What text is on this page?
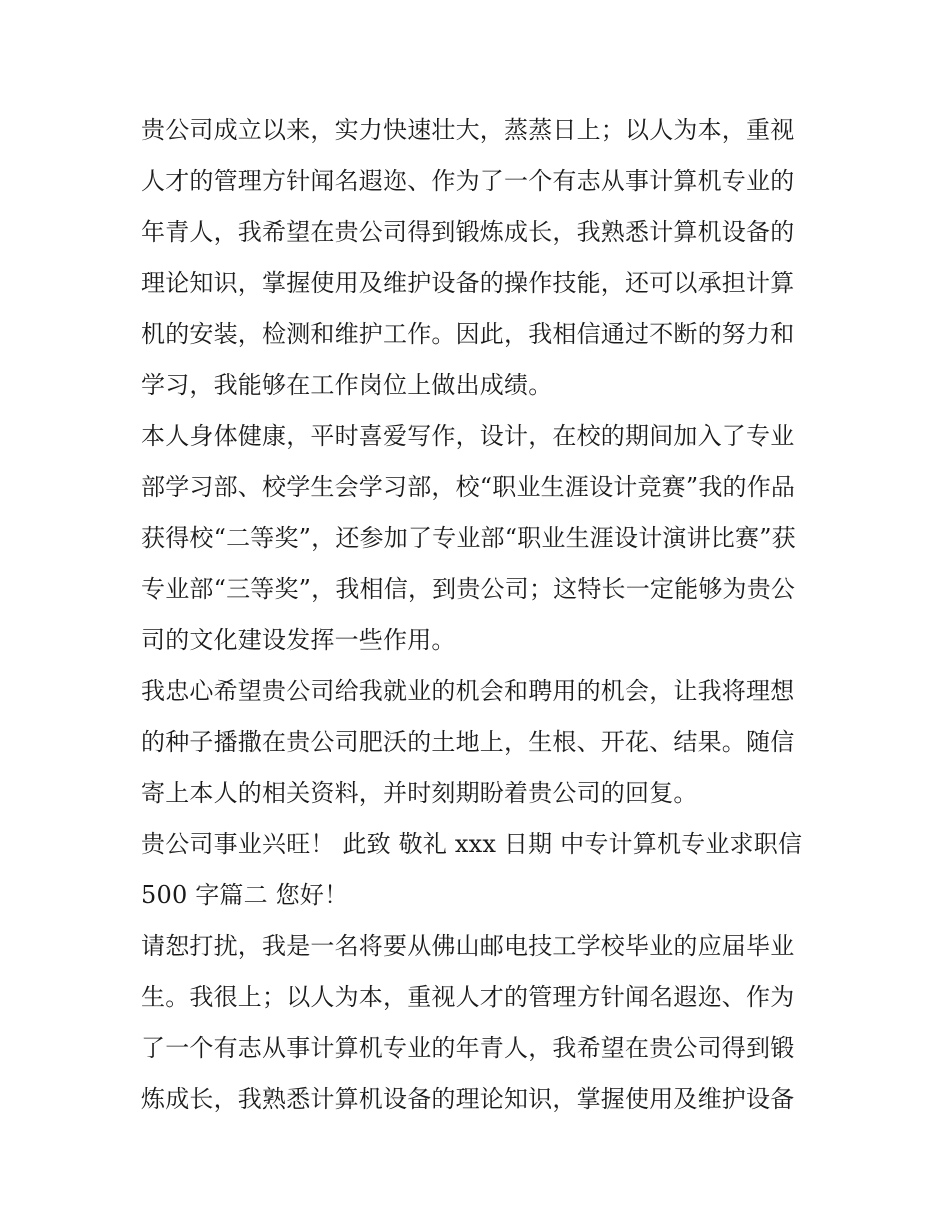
贵公司成立以来，实力快速壮大，蒸蒸日上；以人为本，重视
人才的管理方针闻名遐迩、作为了一个有志从事计算机专业的
年青人，我希望在贵公司得到锻炼成长，我熟悉计算机设备的
理论知识，掌握使用及维护设备的操作技能，还可以承担计算
机的安装，检测和维护工作。因此，我相信通过不断的努力和
学习，我能够在工作岗位上做出成绩。
本人身体健康，平时喜爱写作，设计，在校的期间加入了专业
部学习部、校学生会学习部，校“职业生涯设计竞赛”我的作品
获得校“二等奖”，还参加了专业部“职业生涯设计演讲比赛”获
专业部“三等奖”，我相信，到贵公司；这特长一定能够为贵公
司的文化建设发挥一些作用。
我忠心希望贵公司给我就业的机会和聘用的机会，让我将理想
的种子播撒在贵公司肥沃的土地上，生根、开花、结果。随信
寄上本人的相关资料，并时刻期盼着贵公司的回复。
贵公司事业兴旺！ 此致 敬礼 xxx 日期 中专计算机专业求职信
500 字篇二 您好！
请恕打扰，我是一名将要从佛山邮电技工学校毕业的应届毕业
生。我很上；以人为本，重视人才的管理方针闻名遐迩、作为
了一个有志从事计算机专业的年青人，我希望在贵公司得到锻
炼成长，我熟悉计算机设备的理论知识，掌握使用及维护设备
